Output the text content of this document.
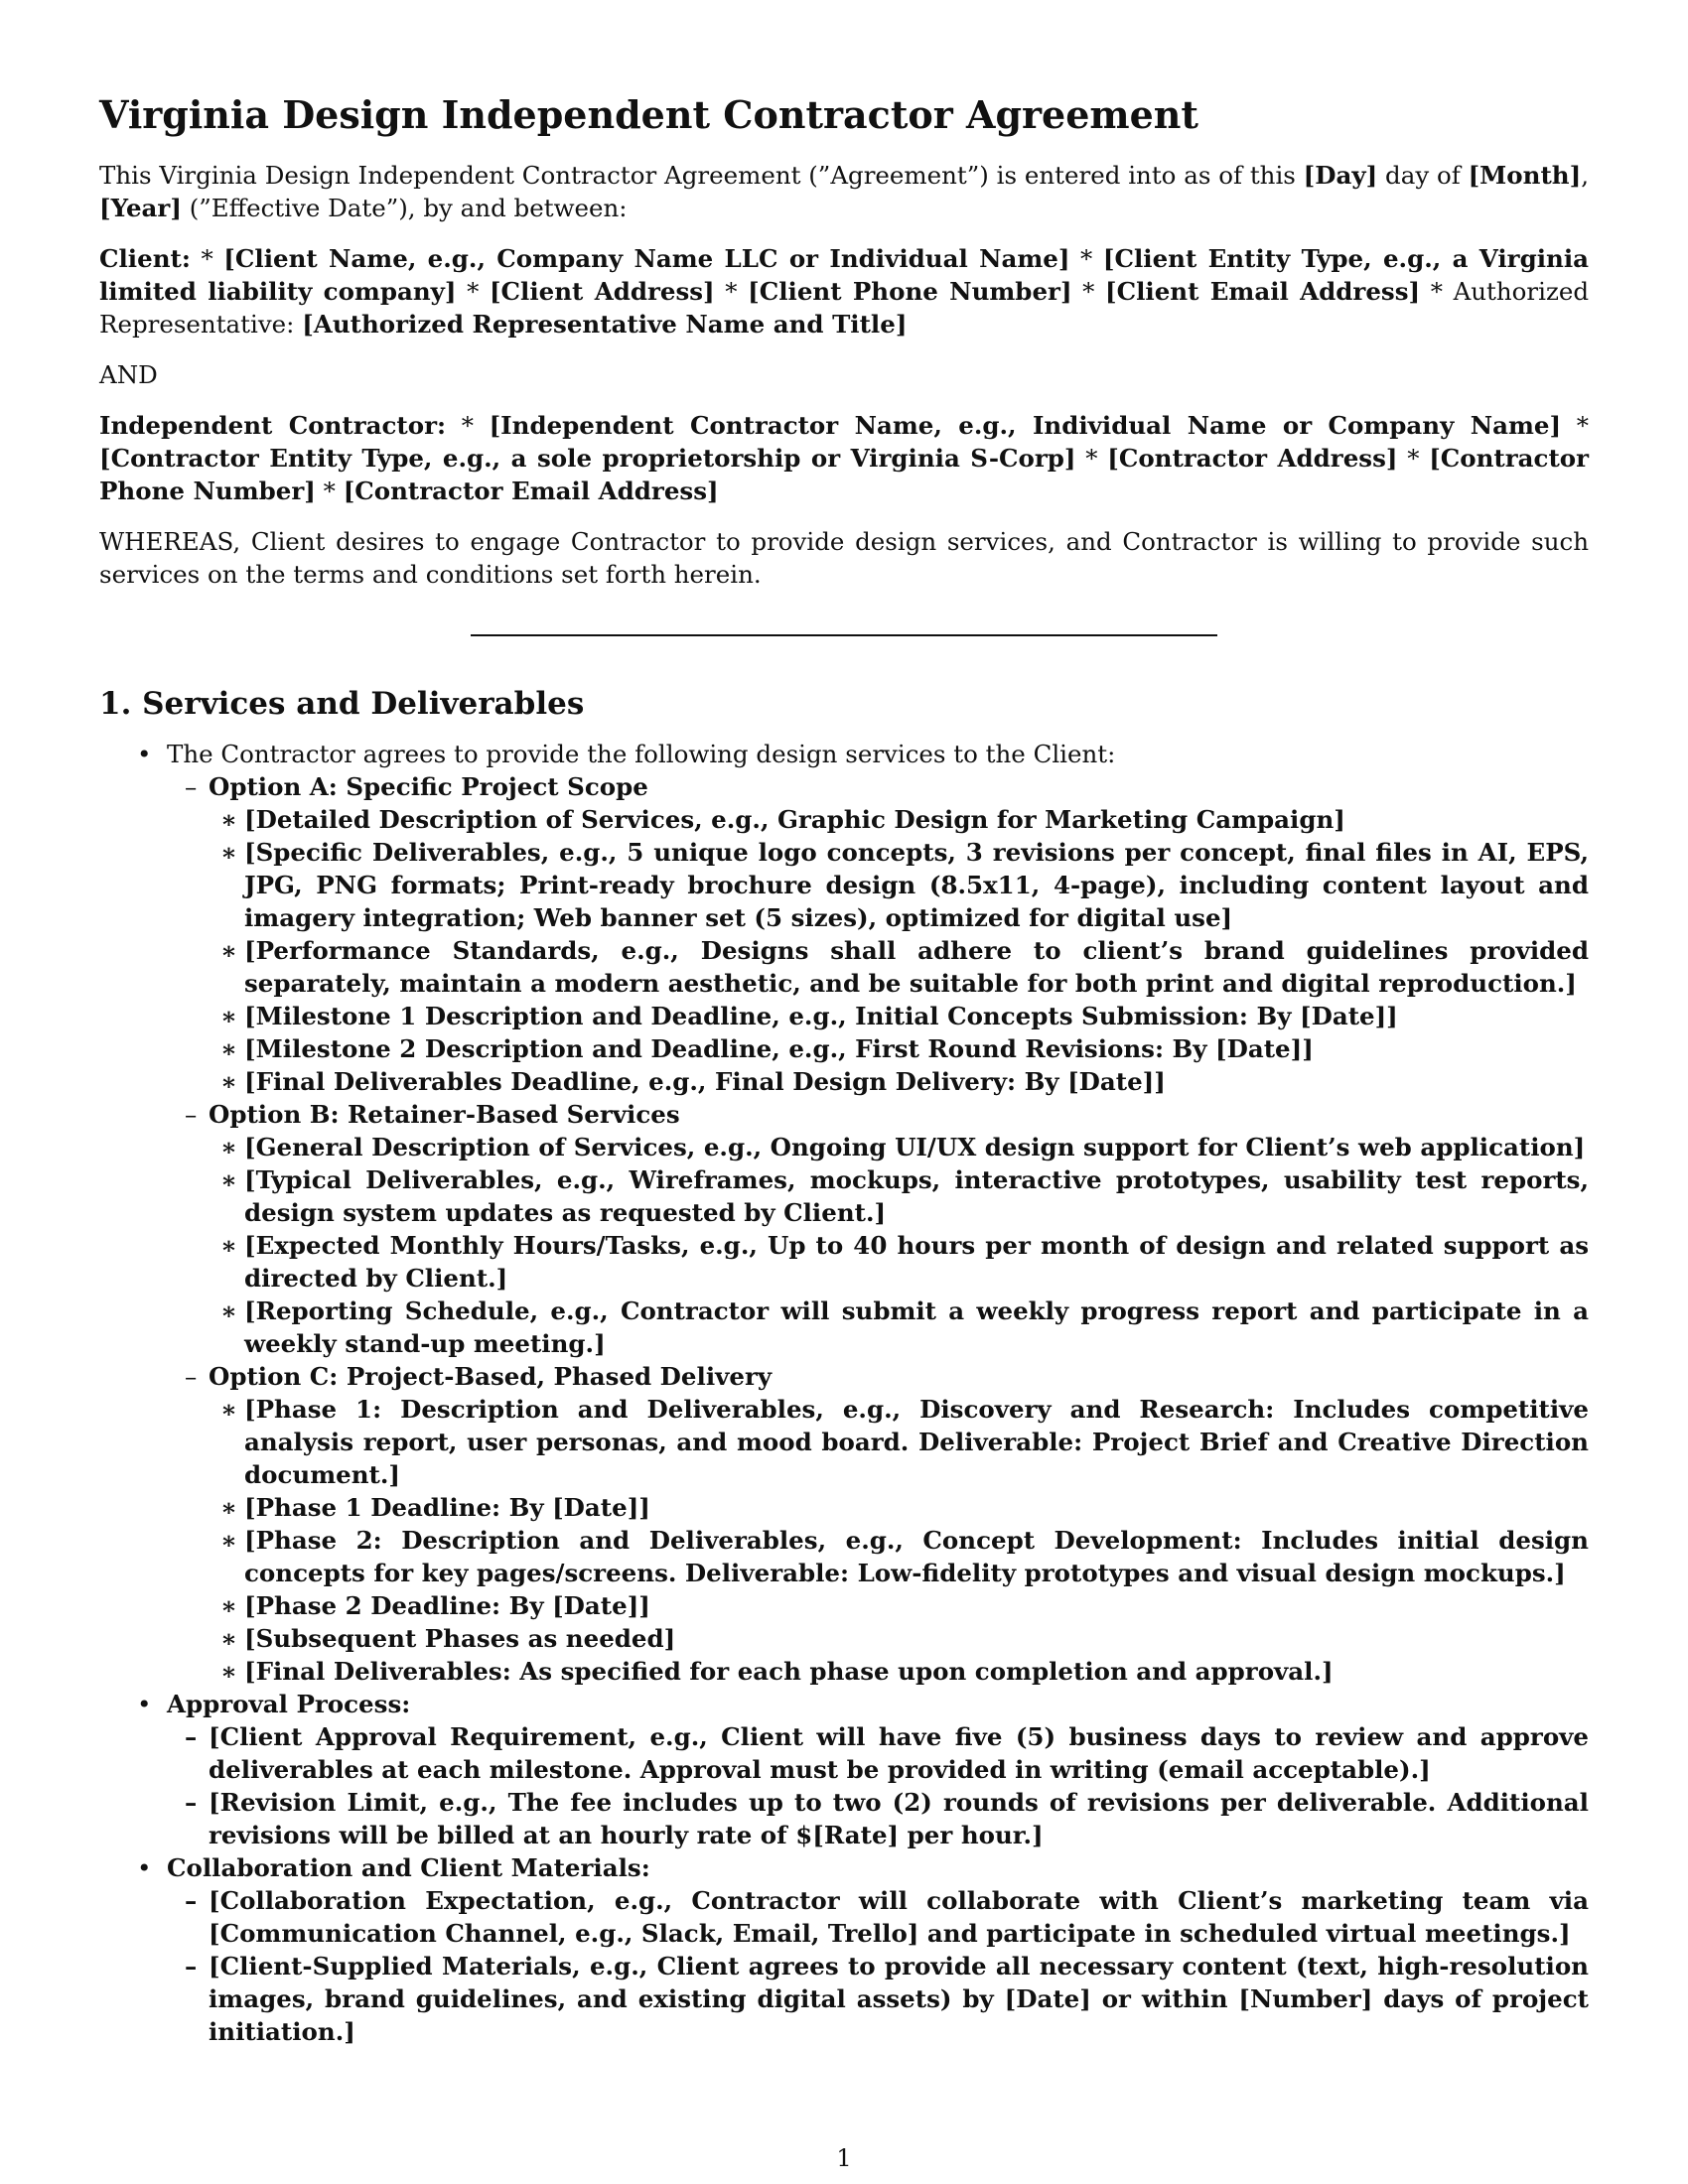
Virginia Design Independent Contractor Agreement

This Virginia Design Independent Contractor Agreement (”Agreement”) is entered into as of this [Day] day of [Month], [Year] (”Effective Date”), by and between:

Client: * [Client Name, e.g., Company Name LLC or Individual Name] * [Client Entity Type, e.g., a Virginia limited liability company] * [Client Address] * [Client Phone Number] * [Client Email Address] * Authorized Representative: [Authorized Representative Name and Title]

AND

Independent Contractor: * [Independent Contractor Name, e.g., Individual Name or Company Name] * [Contractor Entity Type, e.g., a sole proprietorship or Virginia S-Corp] * [Contractor Address] * [Contractor Phone Number] * [Contractor Email Address]

WHEREAS, Client desires to engage Contractor to provide design services, and Contractor is willing to provide such services on the terms and conditions set forth herein.

1. Services and Deliverables
• The Contractor agrees to provide the following design services to the Client:
– Option A: Specific Project Scope
∗ [Detailed Description of Services, e.g., Graphic Design for Marketing Campaign]
∗ [Specific Deliverables, e.g., 5 unique logo concepts, 3 revisions per concept, final files in AI, EPS, JPG, PNG formats; Print-ready brochure design (8.5x11, 4-page), including content layout and imagery integration; Web banner set (5 sizes), optimized for digital use]
∗ [Performance Standards, e.g., Designs shall adhere to client’s brand guidelines provided separately, maintain a modern aesthetic, and be suitable for both print and digital reproduction.]
∗ [Milestone 1 Description and Deadline, e.g., Initial Concepts Submission: By [Date]]
∗ [Milestone 2 Description and Deadline, e.g., First Round Revisions: By [Date]]
∗ [Final Deliverables Deadline, e.g., Final Design Delivery: By [Date]]
– Option B: Retainer-Based Services
∗ [General Description of Services, e.g., Ongoing UI/UX design support for Client’s web application]
∗ [Typical Deliverables, e.g., Wireframes, mockups, interactive prototypes, usability test reports, design system updates as requested by Client.]
∗ [Expected Monthly Hours/Tasks, e.g., Up to 40 hours per month of design and related support as directed by Client.]
∗ [Reporting Schedule, e.g., Contractor will submit a weekly progress report and participate in a weekly stand-up meeting.]
– Option C: Project-Based, Phased Delivery
∗ [Phase 1: Description and Deliverables, e.g., Discovery and Research: Includes competitive analysis report, user personas, and mood board. Deliverable: Project Brief and Creative Direction document.]
∗ [Phase 1 Deadline: By [Date]]
∗ [Phase 2: Description and Deliverables, e.g., Concept Development: Includes initial design concepts for key pages/screens. Deliverable: Low-fidelity prototypes and visual design mockups.]
∗ [Phase 2 Deadline: By [Date]]
∗ [Subsequent Phases as needed]
∗ [Final Deliverables: As specified for each phase upon completion and approval.]
• Approval Process:
– [Client Approval Requirement, e.g., Client will have five (5) business days to review and approve deliverables at each milestone. Approval must be provided in writing (email acceptable).]
– [Revision Limit, e.g., The fee includes up to two (2) rounds of revisions per deliverable. Additional revisions will be billed at an hourly rate of $[Rate] per hour.]
• Collaboration and Client Materials:
– [Collaboration Expectation, e.g., Contractor will collaborate with Client’s marketing team via [Communication Channel, e.g., Slack, Email, Trello] and participate in scheduled virtual meetings.]
– [Client-Supplied Materials, e.g., Client agrees to provide all necessary content (text, high-resolution images, brand guidelines, and existing digital assets) by [Date] or within [Number] days of project initiation.]
1
